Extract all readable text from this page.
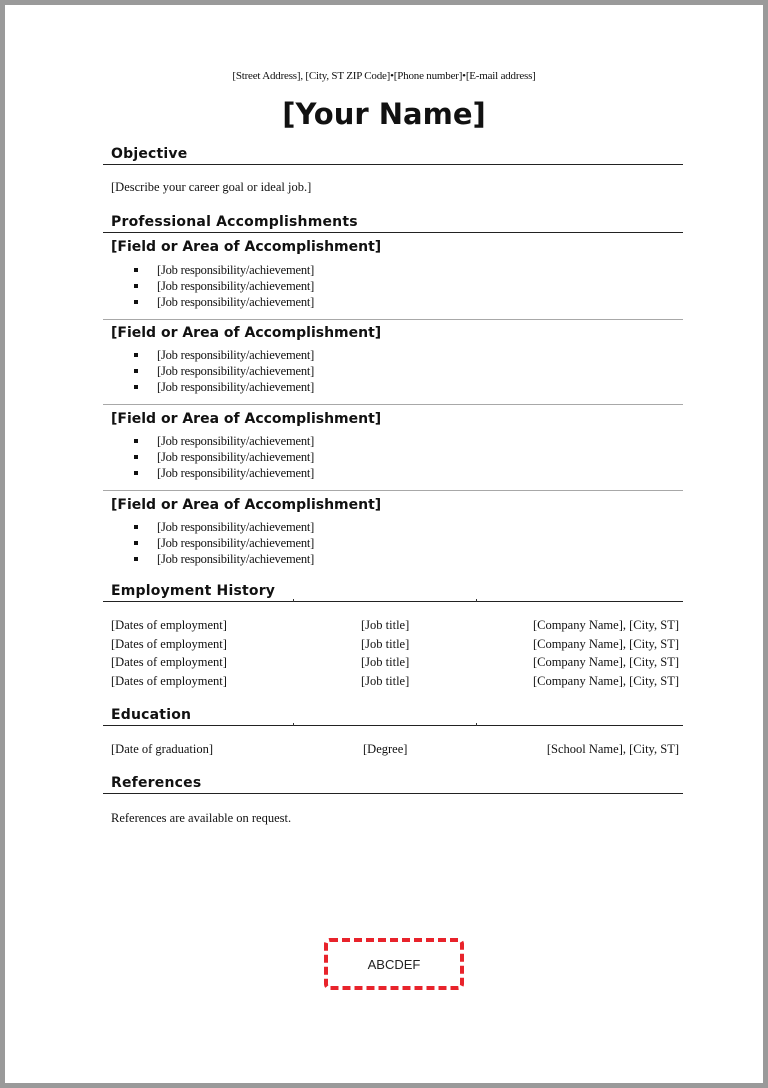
[Street Address], [City, ST ZIP Code]•[Phone number]•[E-mail address]
[Your Name]
Objective
[Describe your career goal or ideal job.]
Professional Accomplishments
[Field or Area of Accomplishment]
[Job responsibility/achievement]
[Job responsibility/achievement]
[Job responsibility/achievement]
[Field or Area of Accomplishment]
[Job responsibility/achievement]
[Job responsibility/achievement]
[Job responsibility/achievement]
[Field or Area of Accomplishment]
[Job responsibility/achievement]
[Job responsibility/achievement]
[Job responsibility/achievement]
[Field or Area of Accomplishment]
[Job responsibility/achievement]
[Job responsibility/achievement]
[Job responsibility/achievement]
Employment History
[Dates of employment]	[Job title]	[Company Name], [City, ST]
[Dates of employment]	[Job title]	[Company Name], [City, ST]
[Dates of employment]	[Job title]	[Company Name], [City, ST]
[Dates of employment]	[Job title]	[Company Name], [City, ST]
Education
[Date of graduation]	[Degree]	[School Name], [City, ST]
References
References are available on request.
ABCDEF
